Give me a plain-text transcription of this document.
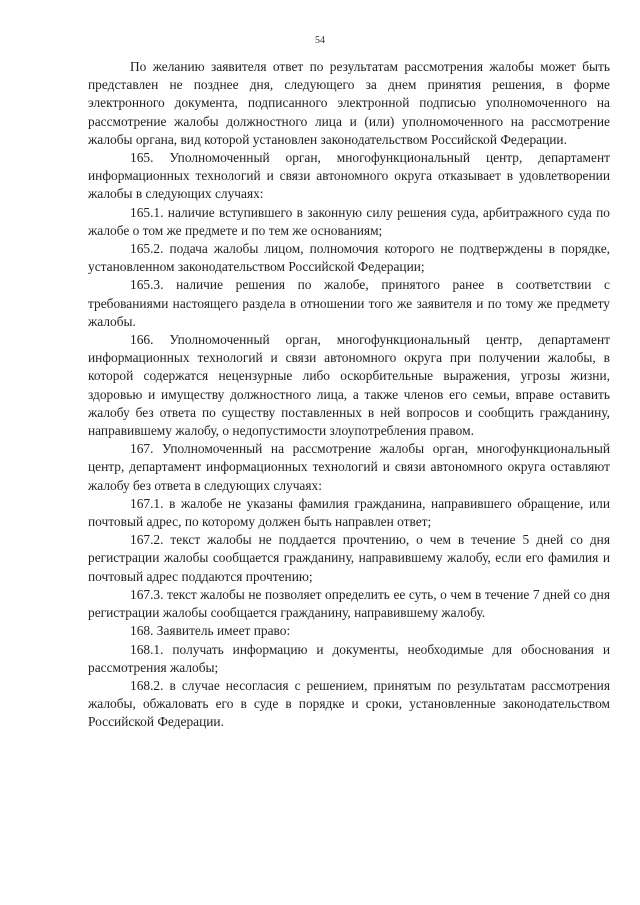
54

По желанию заявителя ответ по результатам рассмотрения жалобы может быть представлен не позднее дня, следующего за днем принятия решения, в форме электронного документа, подписанного электронной подписью уполномоченного на рассмотрение жалобы должностного лица и (или) уполномоченного на рассмотрение жалобы органа, вид которой установлен законодательством Российской Федерации.

165. Уполномоченный орган, многофункциональный центр, департамент информационных технологий и связи автономного округа отказывает в удовлетворении жалобы в следующих случаях:

165.1. наличие вступившего в законную силу решения суда, арбитражного суда по жалобе о том же предмете и по тем же основаниям;

165.2. подача жалобы лицом, полномочия которого не подтверждены в порядке, установленном законодательством Российской Федерации;

165.3. наличие решения по жалобе, принятого ранее в соответствии с требованиями настоящего раздела в отношении того же заявителя и по тому же предмету жалобы.

166. Уполномоченный орган, многофункциональный центр, департамент информационных технологий и связи автономного округа при получении жалобы, в которой содержатся нецензурные либо оскорбительные выражения, угрозы жизни, здоровью и имуществу должностного лица, а также членов его семьи, вправе оставить жалобу без ответа по существу поставленных в ней вопросов и сообщить гражданину, направившему жалобу, о недопустимости злоупотребления правом.

167. Уполномоченный на рассмотрение жалобы орган, многофункциональный центр, департамент информационных технологий и связи автономного округа оставляют жалобу без ответа в следующих случаях:

167.1. в жалобе не указаны фамилия гражданина, направившего обращение, или почтовый адрес, по которому должен быть направлен ответ;

167.2. текст жалобы не поддается прочтению, о чем в течение 5 дней со дня регистрации жалобы сообщается гражданину, направившему жалобу, если его фамилия и почтовый адрес поддаются прочтению;

167.3. текст жалобы не позволяет определить ее суть, о чем в течение 7 дней со дня регистрации жалобы сообщается гражданину, направившему жалобу.

168. Заявитель имеет право:

168.1. получать информацию и документы, необходимые для обоснования и рассмотрения жалобы;

168.2. в случае несогласия с решением, принятым по результатам рассмотрения жалобы, обжаловать его в суде в порядке и сроки, установленные законодательством Российской Федерации.
